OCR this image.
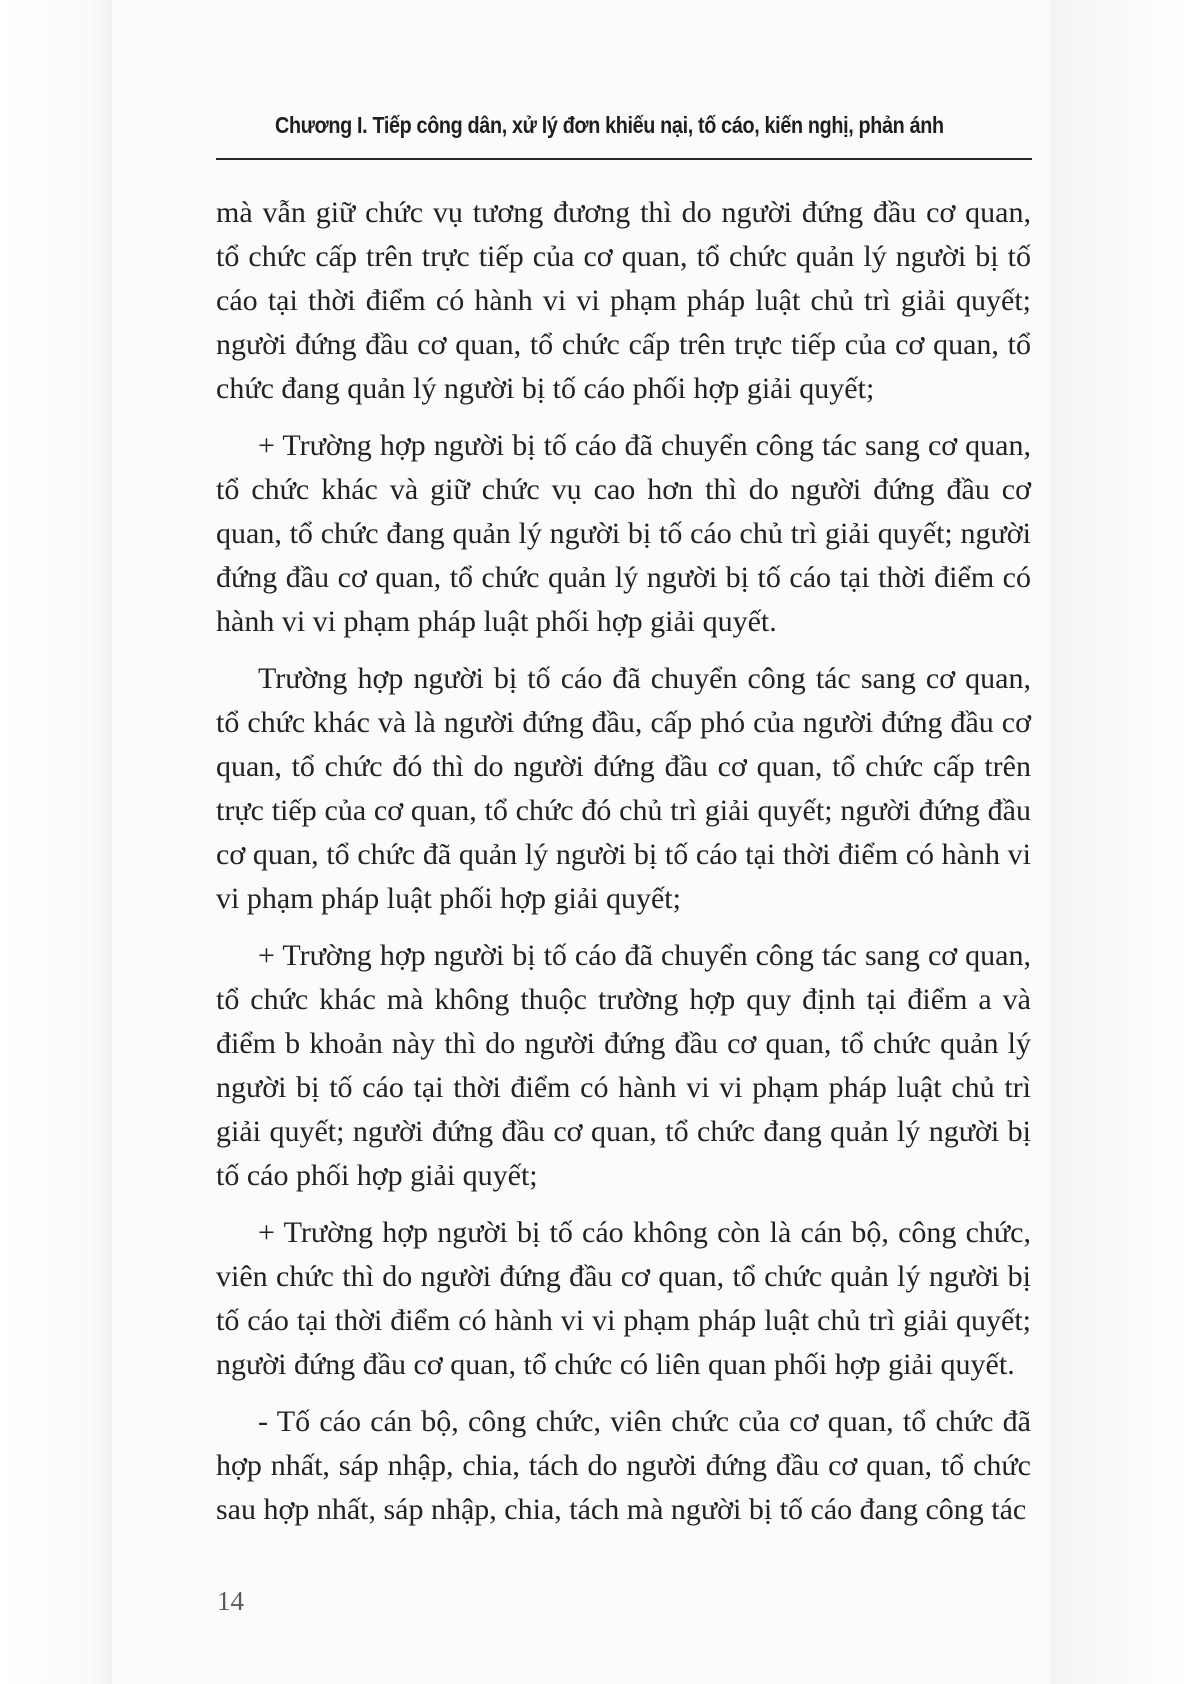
Chương I. Tiếp công dân, xử lý đơn khiếu nại, tố cáo, kiến nghị, phản ánh

mà vẫn giữ chức vụ tương đương thì do người đứng đầu cơ quan, tổ chức cấp trên trực tiếp của cơ quan, tổ chức quản lý người bị tố cáo tại thời điểm có hành vi vi phạm pháp luật chủ trì giải quyết; người đứng đầu cơ quan, tổ chức cấp trên trực tiếp của cơ quan, tổ chức đang quản lý người bị tố cáo phối hợp giải quyết;

+ Trường hợp người bị tố cáo đã chuyển công tác sang cơ quan, tổ chức khác và giữ chức vụ cao hơn thì do người đứng đầu cơ quan, tổ chức đang quản lý người bị tố cáo chủ trì giải quyết; người đứng đầu cơ quan, tổ chức quản lý người bị tố cáo tại thời điểm có hành vi vi phạm pháp luật phối hợp giải quyết.

Trường hợp người bị tố cáo đã chuyển công tác sang cơ quan, tổ chức khác và là người đứng đầu, cấp phó của người đứng đầu cơ quan, tổ chức đó thì do người đứng đầu cơ quan, tổ chức cấp trên trực tiếp của cơ quan, tổ chức đó chủ trì giải quyết; người đứng đầu cơ quan, tổ chức đã quản lý người bị tố cáo tại thời điểm có hành vi vi phạm pháp luật phối hợp giải quyết;

+ Trường hợp người bị tố cáo đã chuyển công tác sang cơ quan, tổ chức khác mà không thuộc trường hợp quy định tại điểm a và điểm b khoản này thì do người đứng đầu cơ quan, tổ chức quản lý người bị tố cáo tại thời điểm có hành vi vi phạm pháp luật chủ trì giải quyết; người đứng đầu cơ quan, tổ chức đang quản lý người bị tố cáo phối hợp giải quyết;

+ Trường hợp người bị tố cáo không còn là cán bộ, công chức, viên chức thì do người đứng đầu cơ quan, tổ chức quản lý người bị tố cáo tại thời điểm có hành vi vi phạm pháp luật chủ trì giải quyết; người đứng đầu cơ quan, tổ chức có liên quan phối hợp giải quyết.

- Tố cáo cán bộ, công chức, viên chức của cơ quan, tổ chức đã hợp nhất, sáp nhập, chia, tách do người đứng đầu cơ quan, tổ chức sau hợp nhất, sáp nhập, chia, tách mà người bị tố cáo đang công tác

14
